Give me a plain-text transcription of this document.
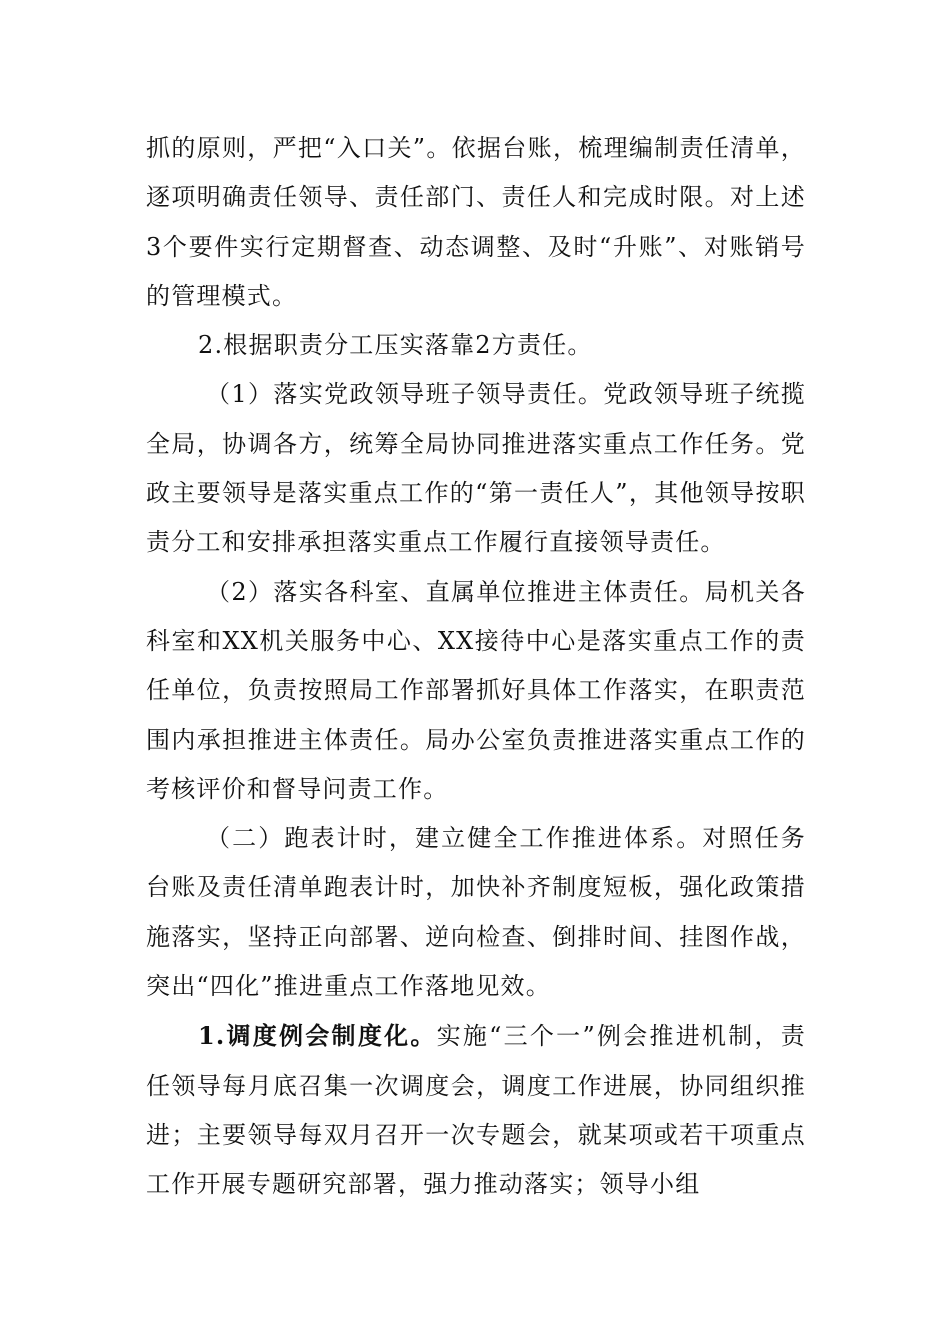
抓的原则，严把“入口关”。依据台账，梳理编制责任清单，逐项明确责任领导、责任部门、责任人和完成时限。对上述3个要件实行定期督查、动态调整、及时“升账”、对账销号的管理模式。

2.根据职责分工压实落靠2方责任。

（1）落实党政领导班子领导责任。党政领导班子统揽全局，协调各方，统筹全局协同推进落实重点工作任务。党政主要领导是落实重点工作的“第一责任人”，其他领导按职责分工和安排承担落实重点工作履行直接领导责任。

（2）落实各科室、直属单位推进主体责任。局机关各科室和XX机关服务中心、XX接待中心是落实重点工作的责任单位，负责按照局工作部署抓好具体工作落实，在职责范围内承担推进主体责任。局办公室负责推进落实重点工作的考核评价和督导问责工作。

（二）跑表计时，建立健全工作推进体系。对照任务台账及责任清单跑表计时，加快补齐制度短板，强化政策措施落实，坚持正向部署、逆向检查、倒排时间、挂图作战，突出“四化”推进重点工作落地见效。

1.调度例会制度化。实施“三个一”例会推进机制，责任领导每月底召集一次调度会，调度工作进展，协同组织推进；主要领导每双月召开一次专题会，就某项或若干项重点工作开展专题研究部署，强力推动落实；领导小组
